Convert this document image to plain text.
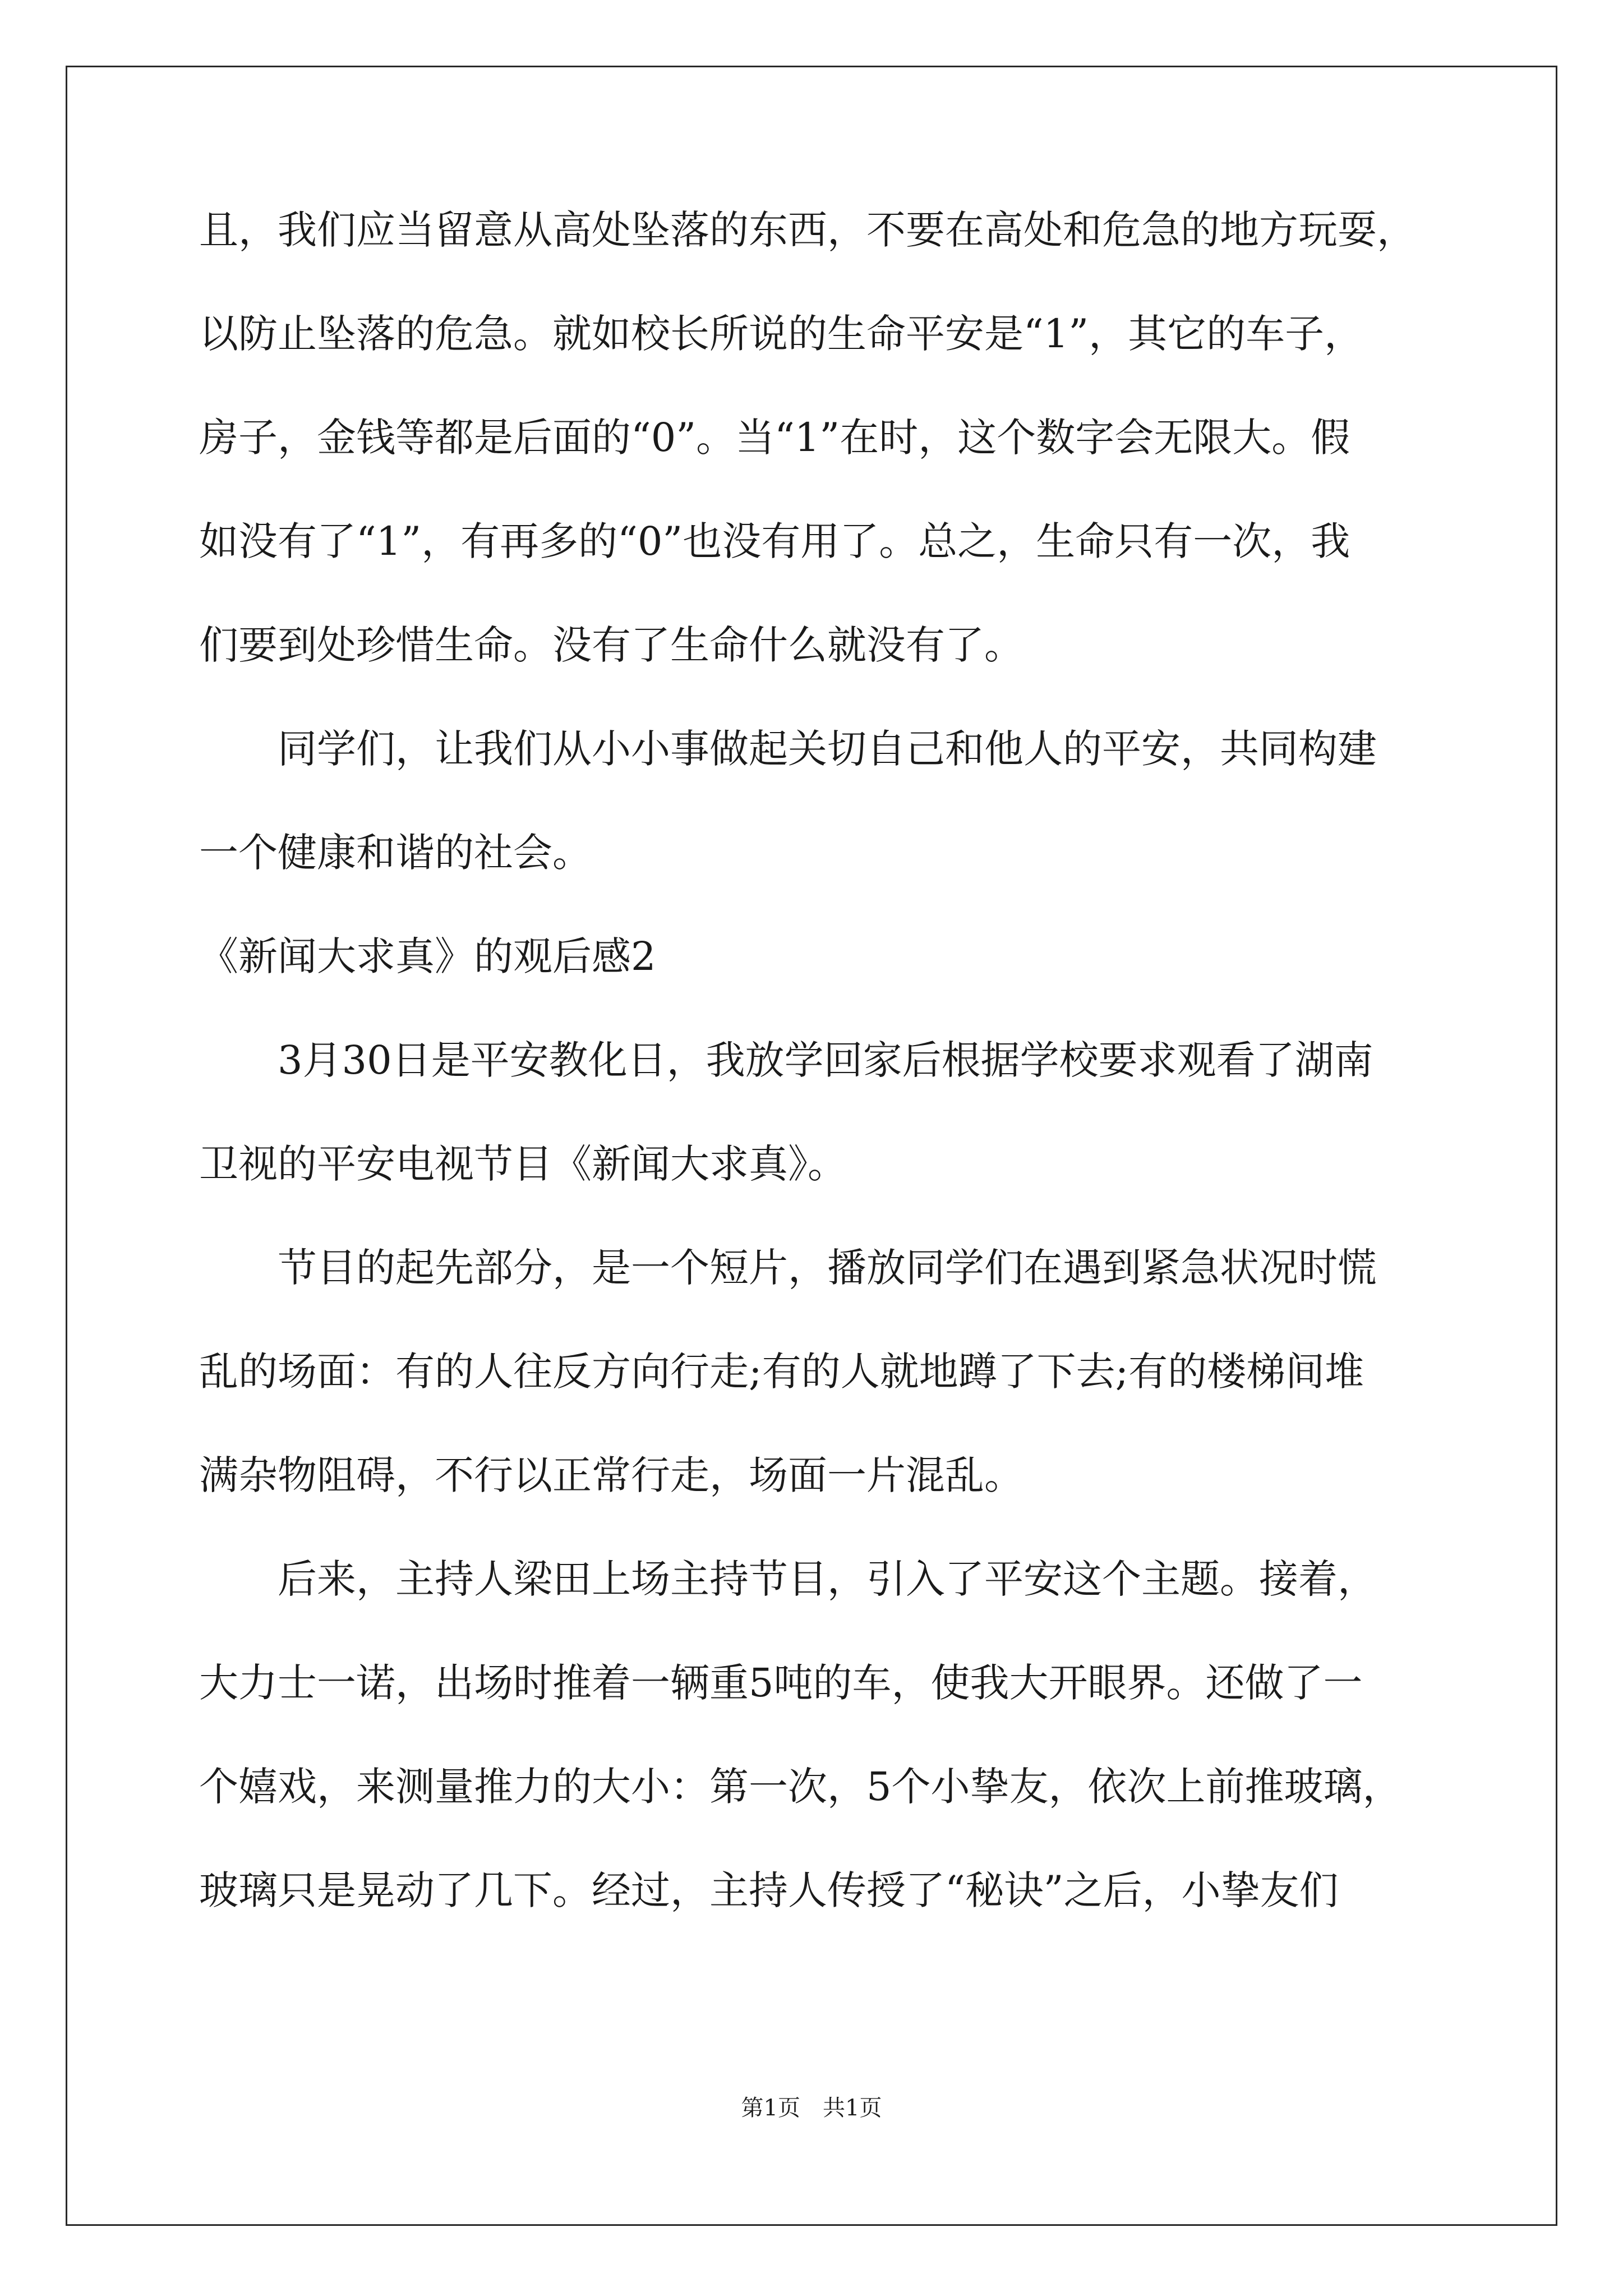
且，我们应当留意从高处坠落的东西，不要在高处和危急的地方玩耍，
以防止坠落的危急。就如校长所说的生命平安是“1”，其它的车子，
房子，金钱等都是后面的“0”。当“1”在时，这个数字会无限大。假
如没有了“1”，有再多的“0”也没有用了。总之，生命只有一次，我
们要到处珍惜生命。没有了生命什么就没有了。
　　同学们，让我们从小小事做起关切自己和他人的平安，共同构建
一个健康和谐的社会。
《新闻大求真》的观后感2
　　3月30日是平安教化日，我放学回家后根据学校要求观看了湖南
卫视的平安电视节目《新闻大求真》。
　　节目的起先部分，是一个短片，播放同学们在遇到紧急状况时慌
乱的场面：有的人往反方向行走;有的人就地蹲了下去;有的楼梯间堆
满杂物阻碍，不行以正常行走，场面一片混乱。
　　后来，主持人梁田上场主持节目，引入了平安这个主题。接着，
大力士一诺，出场时推着一辆重5吨的车，使我大开眼界。还做了一
个嬉戏，来测量推力的大小：第一次，5个小挚友，依次上前推玻璃，
玻璃只是晃动了几下。经过，主持人传授了“秘诀”之后，小挚友们
第1页　共1页
